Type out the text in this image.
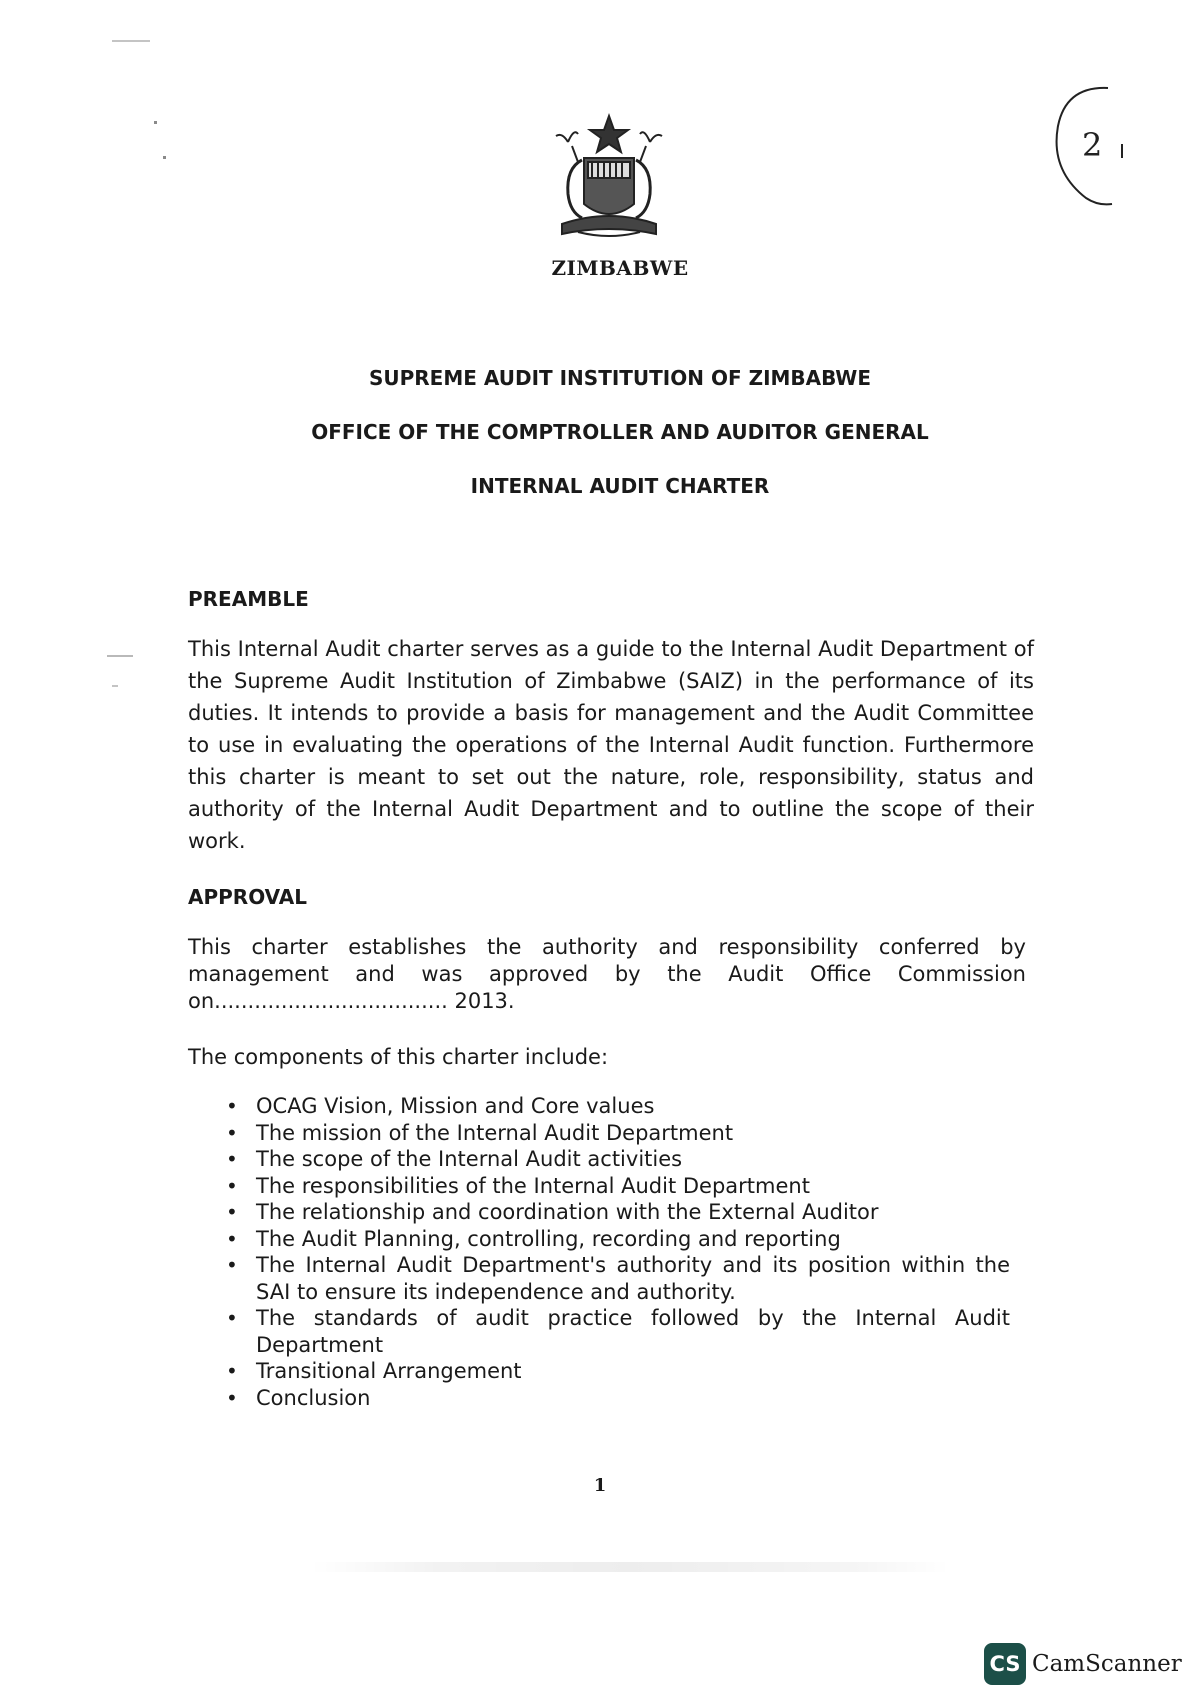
ZIMBABWE
SUPREME AUDIT INSTITUTION OF ZIMBABWE
OFFICE OF THE COMPTROLLER AND AUDITOR GENERAL
INTERNAL AUDIT CHARTER
2
PREAMBLE
This Internal Audit charter serves as a guide to the Internal Audit Department of the Supreme Audit Institution of Zimbabwe (SAIZ) in the performance of its duties. It intends to provide a basis for management and the Audit Committee to use in evaluating the operations of the Internal Audit function. Furthermore this charter is meant to set out the nature, role, responsibility, status and authority of the Internal Audit Department and to outline the scope of their work.
APPROVAL
This charter establishes the authority and responsibility conferred by management and was approved by the Audit Office Commission on................................... 2013.
The components of this charter include:
• OCAG Vision, Mission and Core values
• The mission of the Internal Audit Department
• The scope of the Internal Audit activities
• The responsibilities of the Internal Audit Department
• The relationship and coordination with the External Auditor
• The Audit Planning, controlling, recording and reporting
• The Internal Audit Department's authority and its position within the SAI to ensure its independence and authority.
• The standards of audit practice followed by the Internal Audit Department
• Transitional Arrangement
• Conclusion
1
CS CamScanner
